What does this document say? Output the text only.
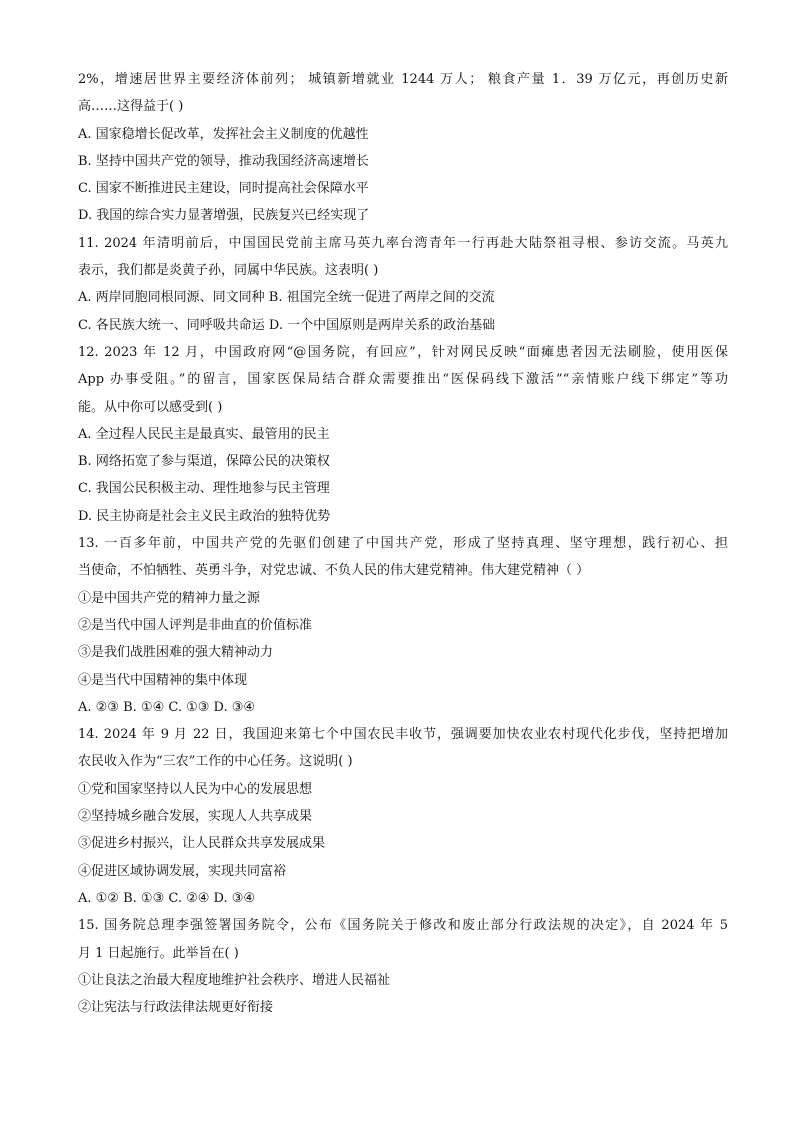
2%，增速居世界主要经济体前列； 城镇新增就业 1244 万人； 粮食产量 1．39 万亿元，再创历史新
高……这得益于( )
A. 国家稳增长促改革，发挥社会主义制度的优越性
B. 坚持中国共产党的领导，推动我国经济高速增长
C. 国家不断推进民主建设，同时提高社会保障水平
D. 我国的综合实力显著增强，民族复兴已经实现了
11. 2024 年清明前后，中国国民党前主席马英九率台湾青年一行再赴大陆祭祖寻根、参访交流。马英九
表示，我们都是炎黄子孙，同属中华民族。这表明( )
A. 两岸同胞同根同源、同文同种 B. 祖国完全统一促进了两岸之间的交流
C. 各民族大统一、同呼吸共命运 D. 一个中国原则是两岸关系的政治基础
12. 2023 年 12 月，中国政府网“@国务院，有回应”，针对网民反映“面瘫患者因无法刷脸，使用医保
App 办事受阻。”的留言，国家医保局结合群众需要推出“医保码线下激活”“亲情账户线下绑定”等功
能。从中你可以感受到( )
A. 全过程人民民主是最真实、最管用的民主
B. 网络拓宽了参与渠道，保障公民的决策权
C. 我国公民积极主动、理性地参与民主管理
D. 民主协商是社会主义民主政治的独特优势
13. 一百多年前，中国共产党的先驱们创建了中国共产党，形成了坚持真理、坚守理想，践行初心、担
当使命，不怕牺牲、英勇斗争，对党忠诚、不负人民的伟大建党精神。伟大建党精神（ ）
①是中国共产党的精神力量之源
②是当代中国人评判是非曲直的价值标准
③是我们战胜困难的强大精神动力
④是当代中国精神的集中体现
A. ②③ B. ①④ C. ①③ D. ③④
14. 2024 年 9 月 22 日，我国迎来第七个中国农民丰收节，强调要加快农业农村现代化步伐，坚持把增加
农民收入作为“三农”工作的中心任务。这说明( )
①党和国家坚持以人民为中心的发展思想
②坚持城乡融合发展，实现人人共享成果
③促进乡村振兴，让人民群众共享发展成果
④促进区域协调发展，实现共同富裕
A. ①② B. ①③ C. ②④ D. ③④
15. 国务院总理李强签署国务院令，公布《国务院关于修改和废止部分行政法规的决定》，自 2024 年 5
月 1 日起施行。此举旨在( )
①让良法之治最大程度地维护社会秩序、增进人民福祉
②让宪法与行政法律法规更好衔接
